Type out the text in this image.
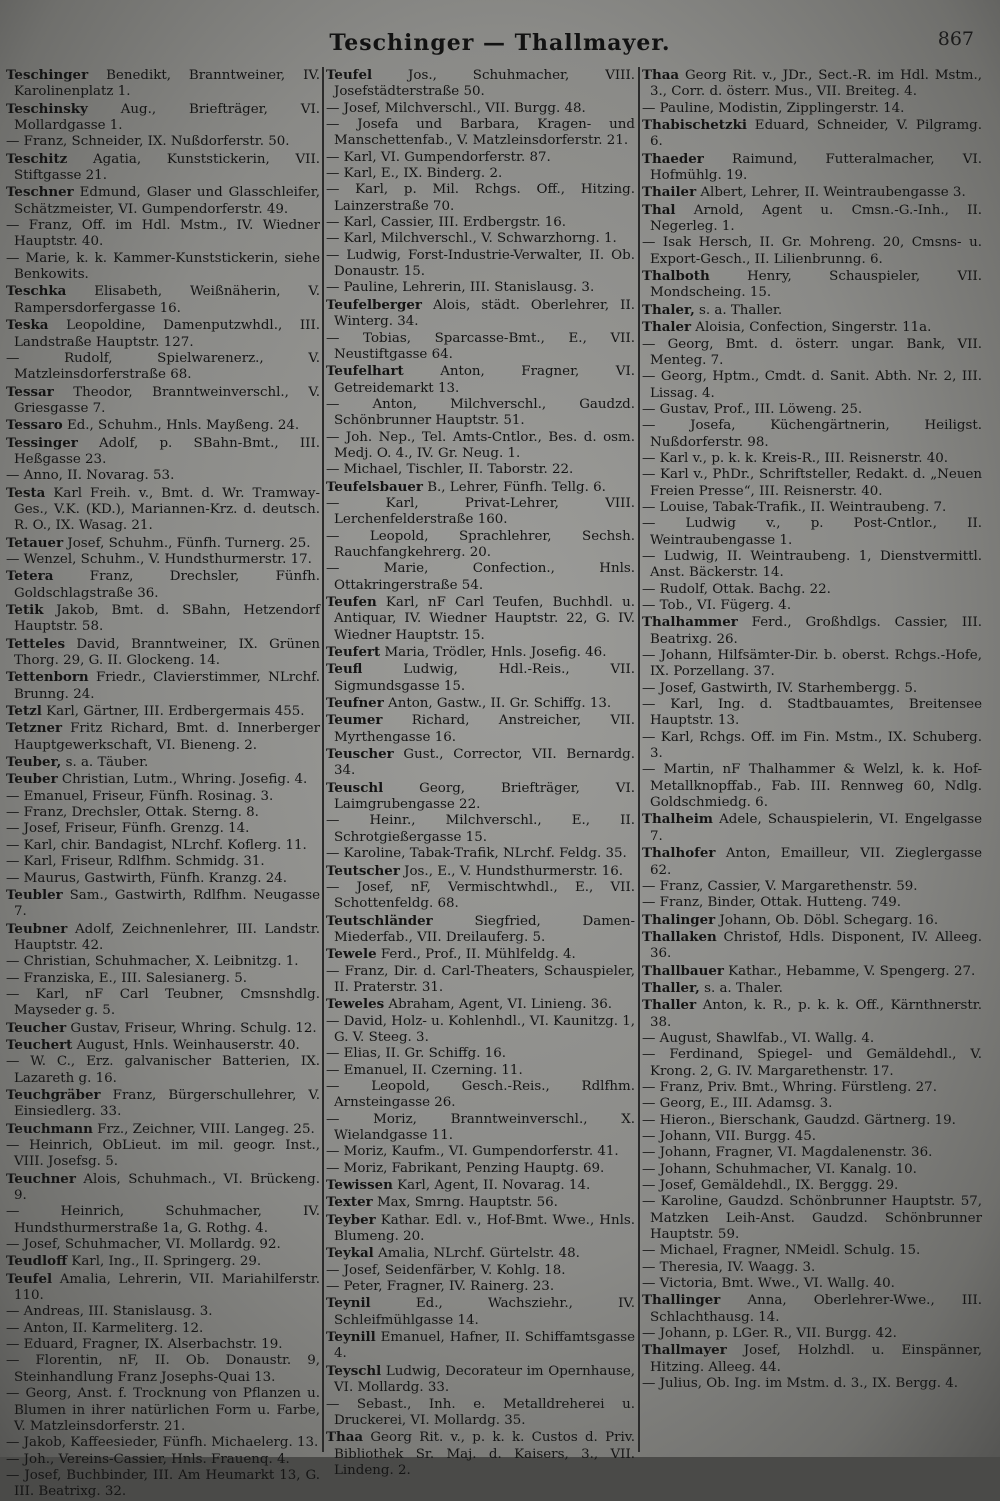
Teschinger — Thallmayer.	867

Teschinger Benedikt, Branntweiner, IV. Karolinenplatz 1.

Teschinsky Aug., Briefträger, VI. Mollardgasse 1.

— Franz, Schneider, IX. Nußdorferstr. 50.

Teschitz Agatia, Kunststickerin, VII. Stiftgasse 21.

Teschner Edmund, Glaser und Glasschleifer, Schätzmeister, VI. Gumpendorferstr. 49.

— Franz, Off. im Hdl. Mstm., IV. Wiedner Hauptstr. 40.

— Marie, k. k. Kammer-Kunststickerin, siehe Benkowits.

Teschka Elisabeth, Weißnäherin, V. Rampersdorfergasse 16.

Teska Leopoldine, Damenputzwhdl., III. Landstraße Hauptstr. 127.

— Rudolf, Spielwarenerz., V. Matzleinsdorferstraße 68.

Tessar Theodor, Branntweinverschl., V. Griesgasse 7.

Tessaro Ed., Schuhm., Hnls. Mayßeng. 24.

Tessinger Adolf, p. SBahn-Bmt., III. Heßgasse 23.

— Anno, II. Novarag. 53.

Testa Karl Freih. v., Bmt. d. Wr. Tramway-Ges., V.K. (KD.), Mariannen-Krz. d. deutsch. R. O., IX. Wasag. 21.

Tetauer Josef, Schuhm., Fünfh. Turnerg. 25.

— Wenzel, Schuhm., V. Hundsthurmerstr. 17.

Tetera Franz, Drechsler, Fünfh. Goldschlagstraße 36.

Tetik Jakob, Bmt. d. SBahn, Hetzendorf Hauptstr. 58.

Tetteles David, Branntweiner, IX. Grünen Thorg. 29, G. II. Glockeng. 14.

Tettenborn Friedr., Clavierstimmer, NLrchf. Brunng. 24.

Tetzl Karl, Gärtner, III. Erdbergermais 455.

Tetzner Fritz Richard, Bmt. d. Innerberger Hauptgewerkschaft, VI. Bieneng. 2.

Teuber, s. a. Täuber.

Teuber Christian, Lutm., Whring. Josefig. 4.

— Emanuel, Friseur, Fünfh. Rosinag. 3.

— Franz, Drechsler, Ottak. Sterng. 8.

— Josef, Friseur, Fünfh. Grenzg. 14.

— Karl, chir. Bandagist, NLrchf. Koflerg. 11.

— Karl, Friseur, Rdlfhm. Schmidg. 31.

— Maurus, Gastwirth, Fünfh. Kranzg. 24.

Teubler Sam., Gastwirth, Rdlfhm. Neugasse 7.

Teubner Adolf, Zeichnenlehrer, III. Landstr. Hauptstr. 42.

— Christian, Schuhmacher, X. Leibnitzg. 1.

— Franziska, E., III. Salesianerg. 5.

— Karl, nF Carl Teubner, Cmsnshdlg. Mayseder g. 5.

Teucher Gustav, Friseur, Whring. Schulg. 12.

Teuchert August, Hnls. Weinhauserstr. 40.

— W. C., Erz. galvanischer Batterien, IX. Lazareth g. 16.

Teuchgräber Franz, Bürgerschullehrer, V. Einsiedlerg. 33.

Teuchmann Frz., Zeichner, VIII. Langeg. 25.

— Heinrich, ObLieut. im mil. geogr. Inst., VIII. Josefsg. 5.

Teuchner Alois, Schuhmach., VI. Brückeng. 9.

— Heinrich, Schuhmacher, IV. Hundsthurmerstraße 1a, G. Rothg. 4.

— Josef, Schuhmacher, VI. Mollardg. 92.

Teudloff Karl, Ing., II. Springerg. 29.

Teufel Amalia, Lehrerin, VII. Mariahilferstr. 110.

— Andreas, III. Stanislausg. 3.

— Anton, II. Karmeliterg. 12.

— Eduard, Fragner, IX. Alserbachstr. 19.

— Florentin, nF, II. Ob. Donaustr. 9, Steinhandlung Franz Josephs-Quai 13.

— Georg, Anst. f. Trocknung von Pflanzen u. Blumen in ihrer natürlichen Form u. Farbe, V. Matzleinsdorferstr. 21.

— Jakob, Kaffeesieder, Fünfh. Michaelerg. 13.

— Joh., Vereins-Cassier, Hnls. Frauenq. 4.

— Josef, Buchbinder, III. Am Heumarkt 13, G. III. Beatrixg. 32.

Teufel Jos., Schuhmacher, VIII. Josefstädterstraße 50.

— Josef, Milchverschl., VII. Burgg. 48.

— Josefa und Barbara, Kragen- und Manschettenfab., V. Matzleinsdorferstr. 21.

— Karl, VI. Gumpendorferstr. 87.

— Karl, E., IX. Binderg. 2.

— Karl, p. Mil. Rchgs. Off., Hitzing. Lainzerstraße 70.

— Karl, Cassier, III. Erdbergstr. 16.

— Karl, Milchverschl., V. Schwarzhorng. 1.

— Ludwig, Forst-Industrie-Verwalter, II. Ob. Donaustr. 15.

— Pauline, Lehrerin, III. Stanislausg. 3.

Teufelberger Alois, städt. Oberlehrer, II. Winterg. 34.

— Tobias, Sparcasse-Bmt., E., VII. Neustiftgasse 64.

Teufelhart Anton, Fragner, VI. Getreidemarkt 13.

— Anton, Milchverschl., Gaudzd. Schönbrunner Hauptstr. 51.

— Joh. Nep., Tel. Amts-Cntlor., Bes. d. osm. Medj. O. 4., IV. Gr. Neug. 1.

— Michael, Tischler, II. Taborstr. 22.

Teufelsbauer B., Lehrer, Fünfh. Tellg. 6.

— Karl, Privat-Lehrer, VIII. Lerchenfelderstraße 160.

— Leopold, Sprachlehrer, Sechsh. Rauchfangkehrerg. 20.

— Marie, Confection., Hnls. Ottakringerstraße 54.

Teufen Karl, nF Carl Teufen, Buchhdl. u. Antiquar, IV. Wiedner Hauptstr. 22, G. IV. Wiedner Hauptstr. 15.

Teufert Maria, Trödler, Hnls. Josefig. 46.

Teufl Ludwig, Hdl.-Reis., VII. Sigmundsgasse 15.

Teufner Anton, Gastw., II. Gr. Schiffg. 13.

Teumer Richard, Anstreicher, VII. Myrthengasse 16.

Teuscher Gust., Corrector, VII. Bernardg. 34.

Teuschl Georg, Briefträger, VI. Laimgrubengasse 22.

— Heinr., Milchverschl., E., II. Schrotgießergasse 15.

— Karoline, Tabak-Trafik, NLrchf. Feldg. 35.

Teutscher Jos., E., V. Hundsthurmerstr. 16.

— Josef, nF, Vermischtwhdl., E., VII. Schottenfeldg. 68.

Teutschländer Siegfried, Damen-Miederfab., VII. Dreilauferg. 5.

Tewele Ferd., Prof., II. Mühlfeldg. 4.

— Franz, Dir. d. Carl-Theaters, Schauspieler, II. Praterstr. 31.

Teweles Abraham, Agent, VI. Linieng. 36.

— David, Holz- u. Kohlenhdl., VI. Kaunitzg. 1, G. V. Steeg. 3.

— Elias, II. Gr. Schiffg. 16.

— Emanuel, II. Czerning. 11.

— Leopold, Gesch.-Reis., Rdlfhm. Arnsteingasse 26.

— Moriz, Branntweinverschl., X. Wielandgasse 11.

— Moriz, Kaufm., VI. Gumpendorferstr. 41.

— Moriz, Fabrikant, Penzing Hauptg. 69.

Tewissen Karl, Agent, II. Novarag. 14.

Texter Max, Smrng. Hauptstr. 56.

Teyber Kathar. Edl. v., Hof-Bmt. Wwe., Hnls. Blumeng. 20.

Teykal Amalia, NLrchf. Gürtelstr. 48.

— Josef, Seidenfärber, V. Kohlg. 18.

— Peter, Fragner, IV. Rainerg. 23.

Teynil Ed., Wachsziehr., IV. Schleifmühlgasse 14.

Teynill Emanuel, Hafner, II. Schiffamtsgasse 4.

Teyschl Ludwig, Decorateur im Opernhause, VI. Mollardg. 33.

— Sebast., Inh. e. Metalldreherei u. Druckerei, VI. Mollardg. 35.

Thaa Georg Rit. v., p. k. k. Custos d. Priv. Bibliothek Sr. Maj. d. Kaisers, 3., VII. Lindeng. 2.

Thaa Georg Rit. v., JDr., Sect.-R. im Hdl. Mstm., 3., Corr. d. österr. Mus., VII. Breiteg. 4.

— Pauline, Modistin, Zipplingerstr. 14.

Thabischetzki Eduard, Schneider, V. Pilgramg. 6.

Thaeder Raimund, Futteralmacher, VI. Hofmühlg. 19.

Thailer Albert, Lehrer, II. Weintraubengasse 3.

Thal Arnold, Agent u. Cmsn.-G.-Inh., II. Negerleg. 1.

— Isak Hersch, II. Gr. Mohreng. 20, Cmsns- u. Export-Gesch., II. Lilienbrunng. 6.

Thalboth Henry, Schauspieler, VII. Mondscheing. 15.

Thaler, s. a. Thaller.

Thaler Aloisia, Confection, Singerstr. 11a.

— Georg, Bmt. d. österr. ungar. Bank, VII. Menteg. 7.

— Georg, Hptm., Cmdt. d. Sanit. Abth. Nr. 2, III. Lissag. 4.

— Gustav, Prof., III. Löweng. 25.

— Josefa, Küchengärtnerin, Heiligst. Nußdorferstr. 98.

— Karl v., p. k. k. Kreis-R., III. Reisnerstr. 40.

— Karl v., PhDr., Schriftsteller, Redakt. d. „Neuen Freien Presse“, III. Reisnerstr. 40.

— Louise, Tabak-Trafik., II. Weintraubeng. 7.

— Ludwig v., p. Post-Cntlor., II. Weintraubengasse 1.

— Ludwig, II. Weintraubeng. 1, Dienstvermittl. Anst. Bäckerstr. 14.

— Rudolf, Ottak. Bachg. 22.

— Tob., VI. Fügerg. 4.

Thalhammer Ferd., Großhdlgs. Cassier, III. Beatrixg. 26.

— Johann, Hilfsämter-Dir. b. oberst. Rchgs.-Hofe, IX. Porzellang. 37.

— Josef, Gastwirth, IV. Starhembergg. 5.

— Karl, Ing. d. Stadtbauamtes, Breitensee Hauptstr. 13.

— Karl, Rchgs. Off. im Fin. Mstm., IX. Schuberg. 3.

— Martin, nF Thalhammer & Welzl, k. k. Hof-Metallknopffab., Fab. III. Rennweg 60, Ndlg. Goldschmiedg. 6.

Thalheim Adele, Schauspielerin, VI. Engelgasse 7.

Thalhofer Anton, Emailleur, VII. Zieglergasse 62.

— Franz, Cassier, V. Margarethenstr. 59.

— Franz, Binder, Ottak. Hutteng. 749.

Thalinger Johann, Ob. Döbl. Schegarg. 16.

Thallaken Christof, Hdls. Disponent, IV. Alleeg. 36.

Thallbauer Kathar., Hebamme, V. Spengerg. 27.

Thaller, s. a. Thaler.

Thaller Anton, k. R., p. k. k. Off., Kärnthnerstr. 38.

— August, Shawlfab., VI. Wallg. 4.

— Ferdinand, Spiegel- und Gemäldehdl., V. Krong. 2, G. IV. Margarethenstr. 17.

— Franz, Priv. Bmt., Whring. Fürstleng. 27.

— Georg, E., III. Adamsg. 3.

— Hieron., Bierschank, Gaudzd. Gärtnerg. 19.

— Johann, VII. Burgg. 45.

— Johann, Fragner, VI. Magdalenenstr. 36.

— Johann, Schuhmacher, VI. Kanalg. 10.

— Josef, Gemäldehdl., IX. Berggg. 29.

— Karoline, Gaudzd. Schönbrunner Hauptstr. 57, Matzken Leih-Anst. Gaudzd. Schönbrunner Hauptstr. 59.

— Michael, Fragner, NMeidl. Schulg. 15.

— Theresia, IV. Waagg. 3.

— Victoria, Bmt. Wwe., VI. Wallg. 40.

Thallinger Anna, Oberlehrer-Wwe., III. Schlachthausg. 14.

— Johann, p. LGer. R., VII. Burgg. 42.

Thallmayer Josef, Holzhdl. u. Einspänner, Hitzing. Alleeg. 44.

— Julius, Ob. Ing. im Mstm. d. 3., IX. Bergg. 4.
